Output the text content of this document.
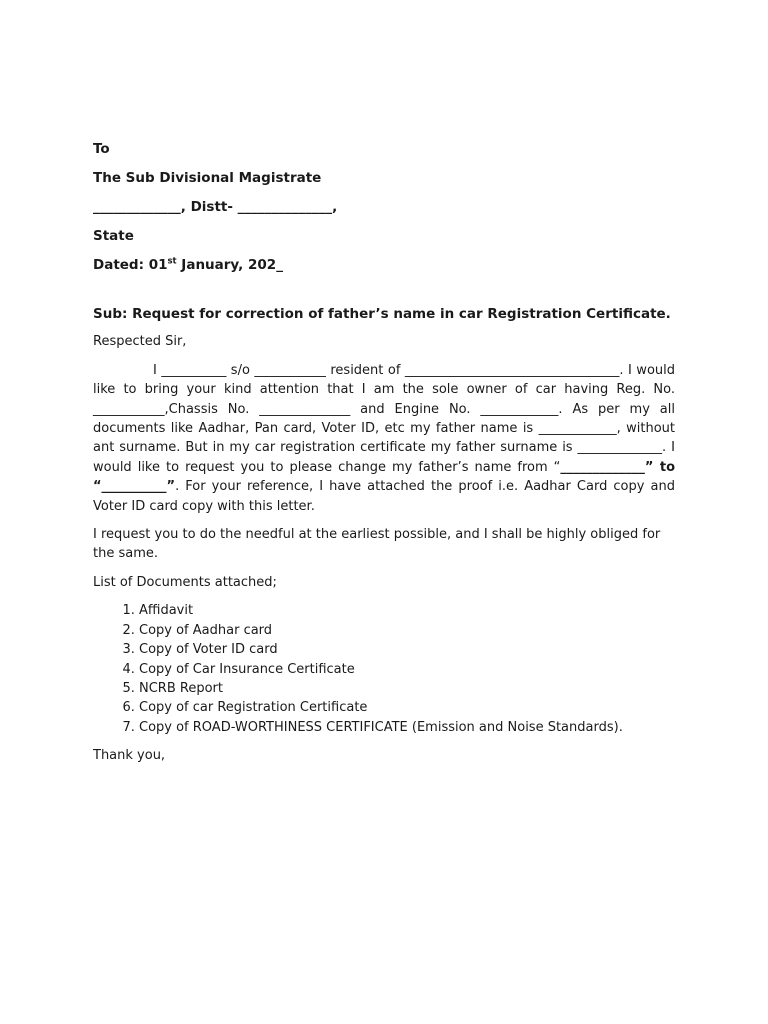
To
The Sub Divisional Magistrate
_____________, Distt- ______________,
State
Dated: 01st January, 202_
Sub: Request for correction of father’s name in car Registration Certificate.
Respected Sir,
I __________ s/o ___________ resident of _________________________________. I would like to bring your kind attention that I am the sole owner of car having Reg. No. ___________,Chassis No. ______________ and Engine No. ____________. As per my all documents like Aadhar, Pan card, Voter ID, etc my father name is ____________, without ant surname. But in my car registration certificate my father surname is _____________. I would like to request you to please change my father’s name from “_____________” to “__________”. For your reference, I have attached the proof i.e. Aadhar Card copy and Voter ID card copy with this letter.
I request you to do the needful at the earliest possible, and I shall be highly obliged for the same.
List of Documents attached;
1. Affidavit
2. Copy of Aadhar card
3. Copy of Voter ID card
4. Copy of Car Insurance Certificate
5. NCRB Report
6. Copy of car Registration Certificate
7. Copy of ROAD-WORTHINESS CERTIFICATE (Emission and Noise Standards).
Thank you,
